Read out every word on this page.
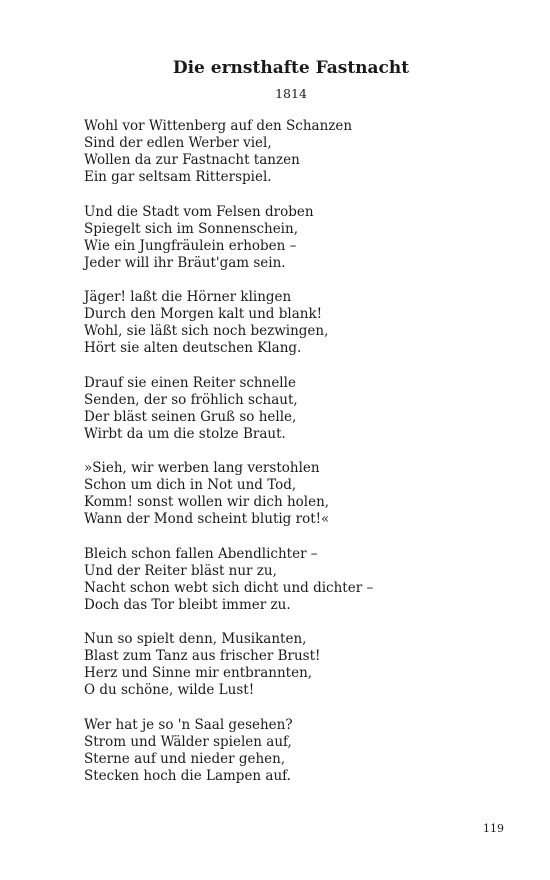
Die ernsthafte Fastnacht
1814
Wohl vor Wittenberg auf den Schanzen
Sind der edlen Werber viel,
Wollen da zur Fastnacht tanzen
Ein gar seltsam Ritterspiel.
Und die Stadt vom Felsen droben
Spiegelt sich im Sonnenschein,
Wie ein Jungfräulein erhoben –
Jeder will ihr Bräut'gam sein.
Jäger! laßt die Hörner klingen
Durch den Morgen kalt und blank!
Wohl, sie läßt sich noch bezwingen,
Hört sie alten deutschen Klang.
Drauf sie einen Reiter schnelle
Senden, der so fröhlich schaut,
Der bläst seinen Gruß so helle,
Wirbt da um die stolze Braut.
»Sieh, wir werben lang verstohlen
Schon um dich in Not und Tod,
Komm! sonst wollen wir dich holen,
Wann der Mond scheint blutig rot!«
Bleich schon fallen Abendlichter –
Und der Reiter bläst nur zu,
Nacht schon webt sich dicht und dichter –
Doch das Tor bleibt immer zu.
Nun so spielt denn, Musikanten,
Blast zum Tanz aus frischer Brust!
Herz und Sinne mir entbrannten,
O du schöne, wilde Lust!
Wer hat je so 'n Saal gesehen?
Strom und Wälder spielen auf,
Sterne auf und nieder gehen,
Stecken hoch die Lampen auf.
119
